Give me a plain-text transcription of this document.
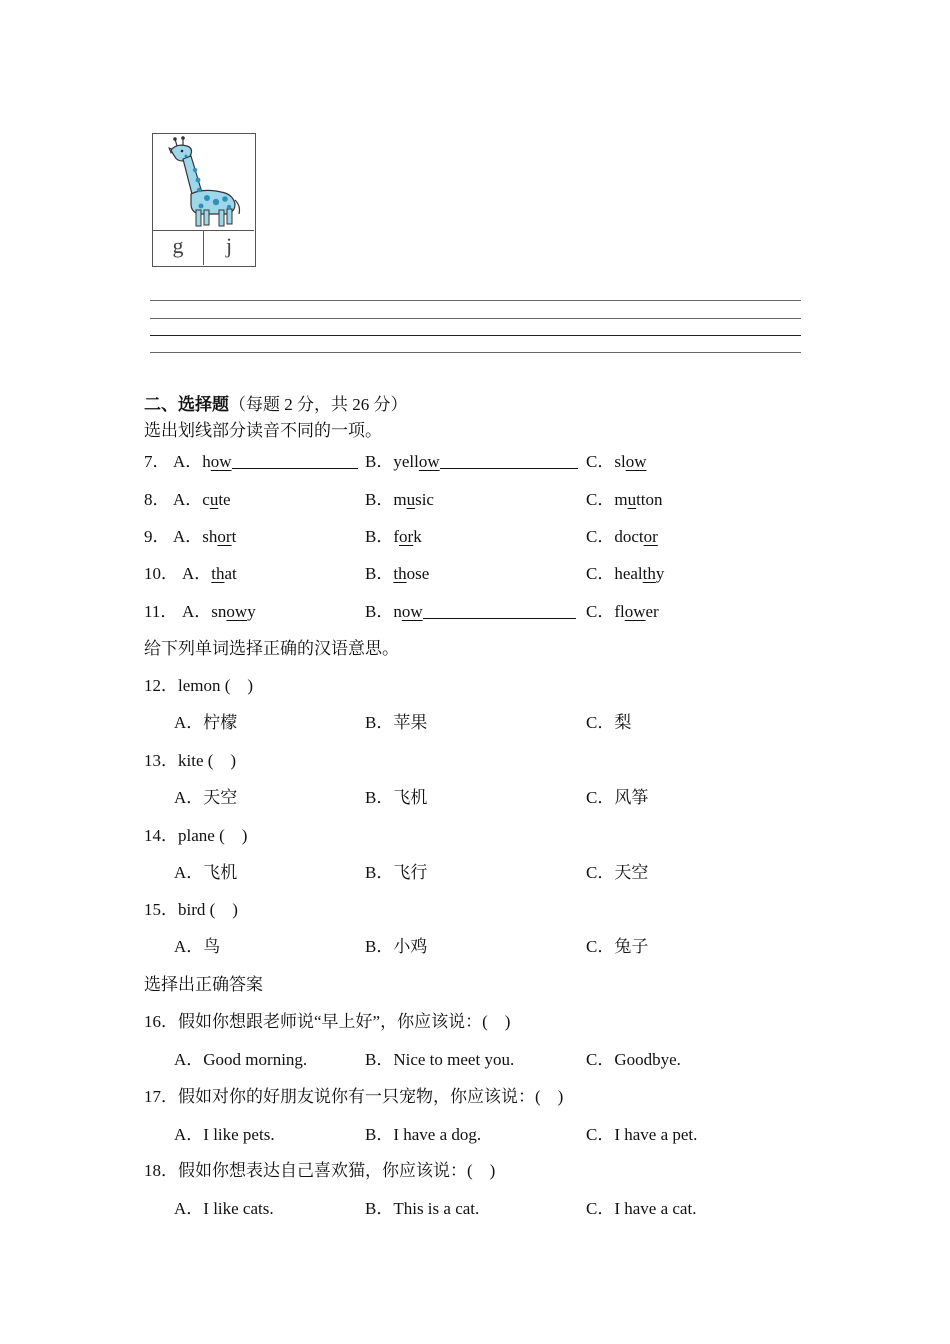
g	j
二、选择题（每题 2 分，共 26 分）
选出划线部分读音不同的一项。
7． A．how	B．yellow	C．slow
8． A．cute	B．music	C．mutton
9． A．short	B．fork	C．doctor
10． A．that	B．those	C．healthy
11． A．snowy	B．now	C．flower
给下列单词选择正确的汉语意思。
12．lemon (　)
A．柠檬	B．苹果	C．梨
13．kite (　)
A．天空	B．飞机	C．风筝
14．plane (　)
A．飞机	B．飞行	C．天空
15．bird (　)
A．鸟	B．小鸡	C．兔子
选择出正确答案
16．假如你想跟老师说“早上好”，你应该说：(　)
A．Good morning.	B．Nice to meet you.	C．Goodbye.
17．假如对你的好朋友说你有一只宠物，你应该说：(　)
A．I like pets.	B．I have a dog.	C．I have a pet.
18．假如你想表达自己喜欢猫，你应该说：(　)
A．I like cats.	B．This is a cat.	C．I have a cat.
